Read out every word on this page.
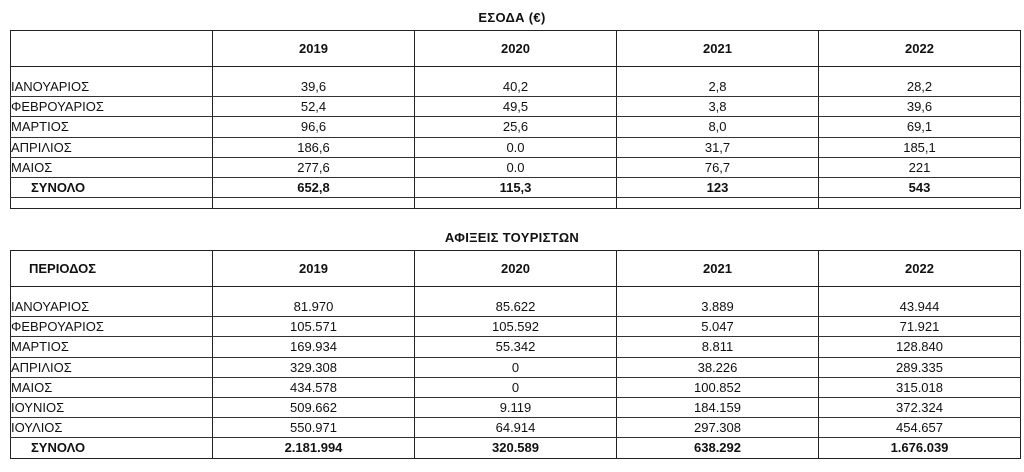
ΕΣΟΔΑ (€)
	2019	2020	2021	2022

ΙΑΝΟΥΑΡΙΟΣ	39,6	40,2	2,8	28,2
ΦΕΒΡΟΥΑΡΙΟΣ	52,4	49,5	3,8	39,6
ΜΑΡΤΙΟΣ	96,6	25,6	8,0	69,1
ΑΠΡΙΛΙΟΣ	186,6	0.0	31,7	185,1
ΜΑΙΟΣ	277,6	0.0	76,7	221
ΣΥΝΟΛΟ	652,8	115,3	123	543

ΑΦΙΞΕΙΣ ΤΟΥΡΙΣΤΩΝ
ΠΕΡΙΟΔΟΣ	2019	2020	2021	2022

ΙΑΝΟΥΑΡΙΟΣ	81.970	85.622	3.889	43.944
ΦΕΒΡΟΥΑΡΙΟΣ	105.571	105.592	5.047	71.921
ΜΑΡΤΙΟΣ	169.934	55.342	8.811	128.840
ΑΠΡΙΛΙΟΣ	329.308	0	38.226	289.335
ΜΑΙΟΣ	434.578	0	100.852	315.018
ΙΟΥΝΙΟΣ	509.662	9.119	184.159	372.324
ΙΟΥΛΙΟΣ	550.971	64.914	297.308	454.657
ΣΥΝΟΛΟ	2.181.994	320.589	638.292	1.676.039
